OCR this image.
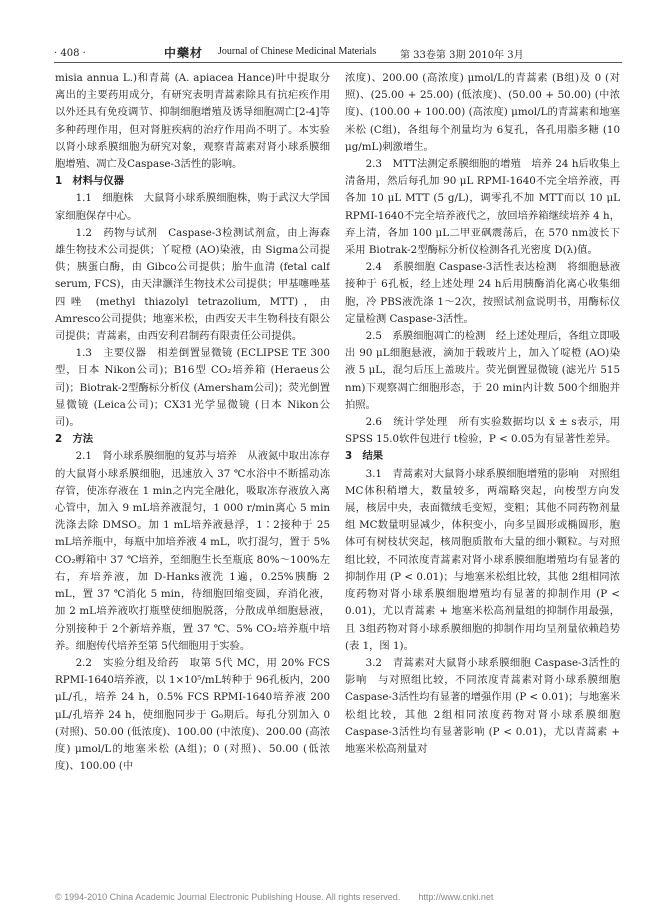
· 408 ·	中藥材 Journal of Chinese Medicinal Materials 第 33卷第 3期 2010年 3月

misia annua L.)和青蒿 (A. apiacea Hance)叶中提取分离出的主要药用成分，有研究表明青蒿素除具有抗疟疾作用以外还具有免疫调节、抑制细胞增殖及诱导细胞凋亡[2-4]等多种药理作用，但对肾脏疾病的治疗作用尚不明了。本实验以肾小球系膜细胞为研究对象，观察青蒿素对肾小球系膜细胞增殖、凋亡及Caspase-3活性的影响。

1　材料与仪器

1.1　细胞株　大鼠肾小球系膜细胞株，购于武汉大学国家细胞保存中心。

1.2　药物与试剂　Caspase-3检测试剂盒，由上海森雄生物技术公司提供；丫啶橙 (AO)染液，由 Sigma公司提供；胰蛋白酶，由 Gibco公司提供；胎牛血清 (fetal calf serum, FCS)，由天津灏洋生物技术公司提供；甲基噻唑基四唑 (methyl thiazolyl tetrazolium, MTT)，由 Amresco公司提供；地塞米松，由西安天丰生物科技有限公司提供；青蒿素，由西安利君制药有限责任公司提供。

1.3　主要仪器　相差倒置显微镜 (ECLIPSE TE 300型，日本 Nikon公司)；B16型 CO₂培养箱 (Heraeus公司)；Biotrak-2型酶标分析仪 (Amersham公司)；荧光倒置显微镜 (Leica公司)；CX31光学显微镜 (日本 Nikon公司)。

2　方法

2.1　肾小球系膜细胞的复苏与培养　从液氮中取出冻存的大鼠肾小球系膜细胞，迅速放入 37 ℃水浴中不断摇动冻存管，使冻存液在 1 min之内完全融化，吸取冻存液放入离心管中，加入 9 mL培养液混匀，1 000 r/min离心 5 min洗涤去除 DMSO。加 1 mL培养液悬浮，1∶2接种于 25 mL培养瓶中，每瓶中加培养液 4 mL，吹打混匀，置于 5% CO₂孵箱中 37 ℃培养，至细胞生长至瓶底 80%～100%左右，弃培养液，加 D-Hanks液洗 1遍，0.25%胰酶 2 mL，置 37 ℃消化 5 min，待细胞回缩变圆，弃消化液，加 2 mL培养液吹打瓶壁使细胞脱落，分散成单细胞悬液，分别接种于 2个新培养瓶，置 37 ℃、5% CO₂培养瓶中培养。细胞传代培养至第 5代细胞用于实验。

2.2　实验分组及给药　取第 5代 MC，用 20% FCS RPMI-1640培养液，以 1×10⁵/mL转种于 96孔板内，200 μL/孔，培养 24 h，0.5% FCS RPMI-1640培养液 200 μL/孔培养 24 h，使细胞同步于 G₀期后。每孔分别加入 0 (对照)、50.00 (低浓度)、100.00 (中浓度)、200.00 (高浓度) μmol/L的地塞米松 (A组)；0 (对照)、50.00 (低浓度)、100.00 (中

浓度)、200.00 (高浓度) μmol/L的青蒿素 (B组)及 0 (对照)、(25.00 + 25.00) (低浓度)、(50.00 + 50.00) (中浓度)、(100.00 + 100.00) (高浓度) μmol/L的青蒿素和地塞米松 (C组)，各组每个剂量均为 6复孔，各孔用脂多糖 (10 μg/mL)刺激增生。

2.3　MTT法测定系膜细胞的增殖　培养 24 h后收集上清备用，然后每孔加 90 μL RPMI-1640不完全培养液，再各加 10 μL MTT (5 g/L)，调零孔不加 MTT而以 10 μL RPMI-1640不完全培养液代之，放回培养箱继续培养 4 h，弃上清，各加 100 μL二甲亚砜震荡后，在 570 nm波长下采用 Biotrak-2型酶标分析仪检测各孔光密度 D(λ)值。

2.4　系膜细胞 Caspase-3活性表达检测　将细胞悬液接种于 6孔板，经上述处理 24 h后用胰酶消化离心收集细胞，冷 PBS液洗涤 1～2次，按照试剂盒说明书，用酶标仪定量检测 Caspase-3活性。

2.5　系膜细胞凋亡的检测　经上述处理后，各组立即吸出 90 μL细胞悬液，滴加于载玻片上，加入丫啶橙 (AO)染液 5 μL，混匀后压上盖玻片。荧光倒置显微镜 (滤光片 515 nm)下观察凋亡细胞形态，于 20 min内计数 500个细胞并拍照。

2.6　统计学处理　所有实验数据均以 x̄ ± s表示，用 SPSS 15.0软件包进行 t检验，P < 0.05为有显著性差异。

3　结果

3.1　青蒿素对大鼠肾小球系膜细胞增殖的影响　对照组 MC体积稍增大，数量较多，两端略突起，向梭型方向发展，核居中央，表面微绒毛变短，变粗；其他不同药物剂量组 MC数量明显减少，体积变小，向多呈圆形或椭圆形，胞体可有树枝状突起，核周胞质散布大量的细小颗粒。与对照组比较，不同浓度青蒿素对肾小球系膜细胞增殖均有显著的抑制作用 (P < 0.01)；与地塞米松组比较，其他 2组相同浓度药物对肾小球系膜细胞增殖均有显著的抑制作用 (P < 0.01)，尤以青蒿素 + 地塞米松高剂量组的抑制作用最强，且 3组药物对肾小球系膜细胞的抑制作用均呈剂量依赖趋势 (表 1，图 1)。

3.2　青蒿素对大鼠肾小球系膜细胞 Caspase-3活性的影响　与对照组比较，不同浓度青蒿素对肾小球系膜细胞 Caspase-3活性均有显著的增强作用 (P < 0.01)；与地塞米松组比较，其他 2组相同浓度药物对肾小球系膜细胞 Caspase-3活性均有显著影响 (P < 0.01)，尤以青蒿素 + 地塞米松高剂量对

© 1994-2010 China Academic Journal Electronic Publishing House. All rights reserved.　　http://www.cnki.net
